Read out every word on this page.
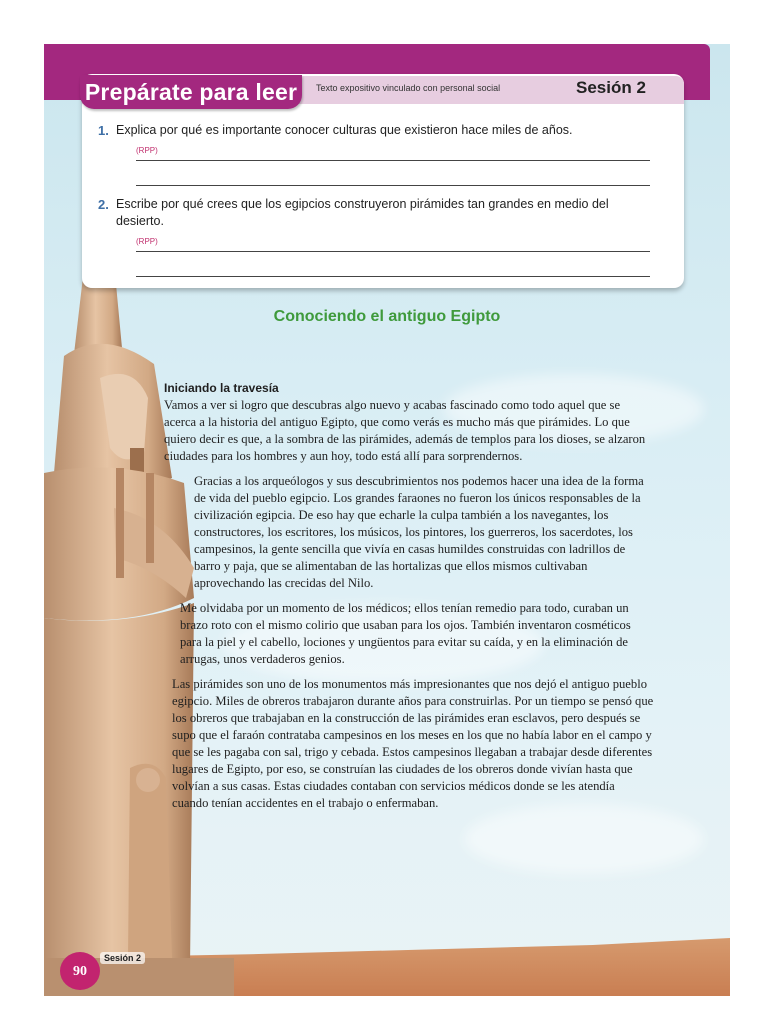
Prepárate para leer	Texto expositivo vinculado con personal social	Sesión 2
1. Explica por qué es importante conocer culturas que existieron hace miles de años.
(RPP)
2. Escribe por qué crees que los egipcios construyeron pirámides tan grandes en medio del desierto.
(RPP)
Conociendo el antiguo Egipto
Iniciando la travesía

Vamos a ver si logro que descubras algo nuevo y acabas fascinado como todo aquel que se acerca a la historia del antiguo Egipto, que como verás es mucho más que pirámides. Lo que quiero decir es que, a la sombra de las pirámides, además de templos para los dioses, se alzaron ciudades para los hombres y aun hoy, todo está allí para sorprendernos.

Gracias a los arqueólogos y sus descubrimientos nos podemos hacer una idea de la forma de vida del pueblo egipcio. Los grandes faraones no fueron los únicos responsables de la civilización egipcia. De eso hay que echarle la culpa también a los navegantes, los constructores, los escritores, los músicos, los pintores, los guerreros, los sacerdotes, los campesinos, la gente sencilla que vivía en casas humildes construidas con ladrillos de barro y paja, que se alimentaban de las hortalizas que ellos mismos cultivaban aprovechando las crecidas del Nilo.

Me olvidaba por un momento de los médicos; ellos tenían remedio para todo, curaban un brazo roto con el mismo colirio que usaban para los ojos. También inventaron cosméticos para la piel y el cabello, lociones y ungüentos para evitar su caída, y en la eliminación de arrugas, unos verdaderos genios.

Las pirámides son uno de los monumentos más impresionantes que nos dejó el antiguo pueblo egipcio. Miles de obreros trabajaron durante años para construirlas. Por un tiempo se pensó que los obreros que trabajaban en la construcción de las pirámides eran esclavos, pero después se supo que el faraón contrataba campesinos en los meses en los que no había labor en el campo y que se les pagaba con sal, trigo y cebada. Estos campesinos llegaban a trabajar desde diferentes lugares de Egipto, por eso, se construían las ciudades de los obreros donde vivían hasta que volvían a sus casas. Estas ciudades contaban con servicios médicos donde se les atendía cuando tenían accidentes en el trabajo o enfermaban.

90
Sesión 2
